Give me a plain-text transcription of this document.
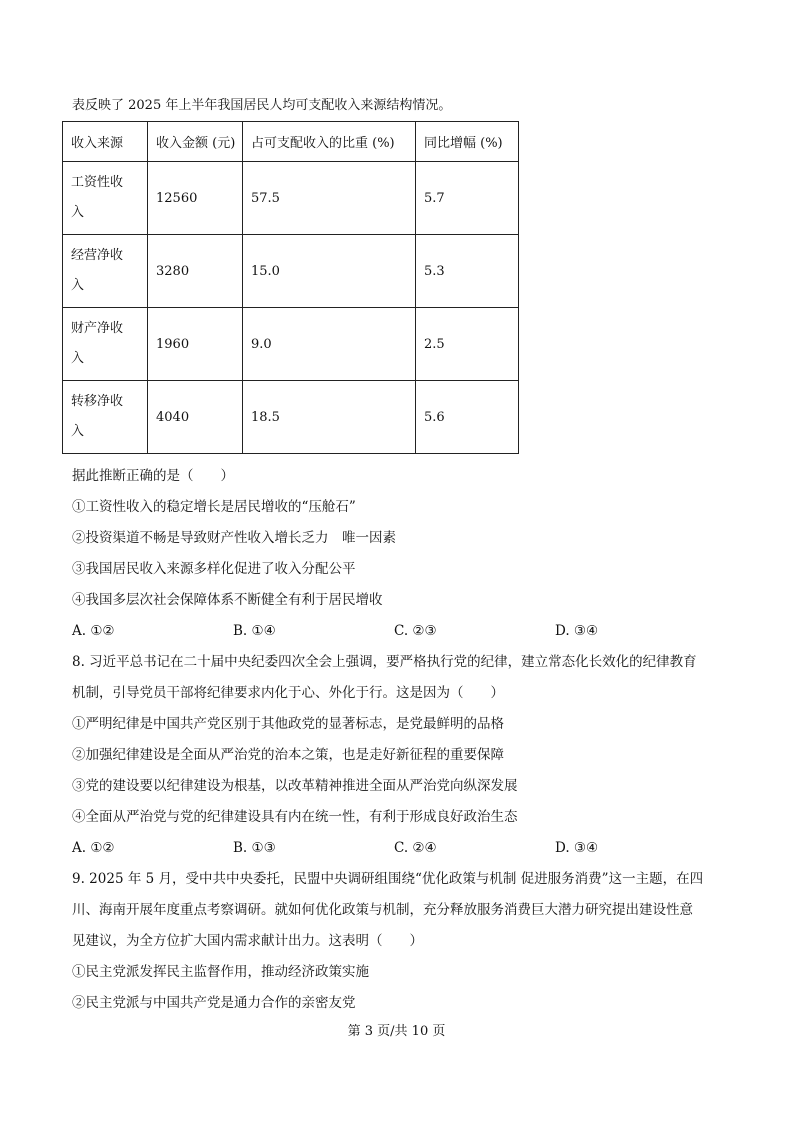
表反映了 2025 年上半年我国居民人均可支配收入来源结构情况。
收入来源	收入金额 (元)	占可支配收入的比重 (%)	同比增幅 (%)

工资性收
入	12560	57.5	5.7

经营净收
入	3280	15.0	5.3

财产净收
入	1960	9.0	2.5

转移净收
入	4040	18.5	5.6
据此推断正确的是（　　）
①工资性收入的稳定增长是居民增收的“压舱石”
②投资渠道不畅是导致财产性收入增长乏力　唯一因素
③我国居民收入来源多样化促进了收入分配公平
④我国多层次社会保障体系不断健全有利于居民增收
A. ①②	B. ①④	C. ②③	D. ③④
8. 习近平总书记在二十届中央纪委四次全会上强调，要严格执行党的纪律，建立常态化长效化的纪律教育
机制，引导党员干部将纪律要求内化于心、外化于行。这是因为（　　）
①严明纪律是中国共产党区别于其他政党的显著标志，是党最鲜明的品格
②加强纪律建设是全面从严治党的治本之策，也是走好新征程的重要保障
③党的建设要以纪律建设为根基，以改革精神推进全面从严治党向纵深发展
④全面从严治党与党的纪律建设具有内在统一性，有利于形成良好政治生态
A. ①②	B. ①③	C. ②④	D. ③④
9. 2025 年 5 月，受中共中央委托，民盟中央调研组围绕“优化政策与机制 促进服务消费”这一主题，在四
川、海南开展年度重点考察调研。就如何优化政策与机制，充分释放服务消费巨大潜力研究提出建设性意
见建议，为全方位扩大国内需求献计出力。这表明（　　）
①民主党派发挥民主监督作用，推动经济政策实施
②民主党派与中国共产党是通力合作的亲密友党
第 3 页/共 10 页
